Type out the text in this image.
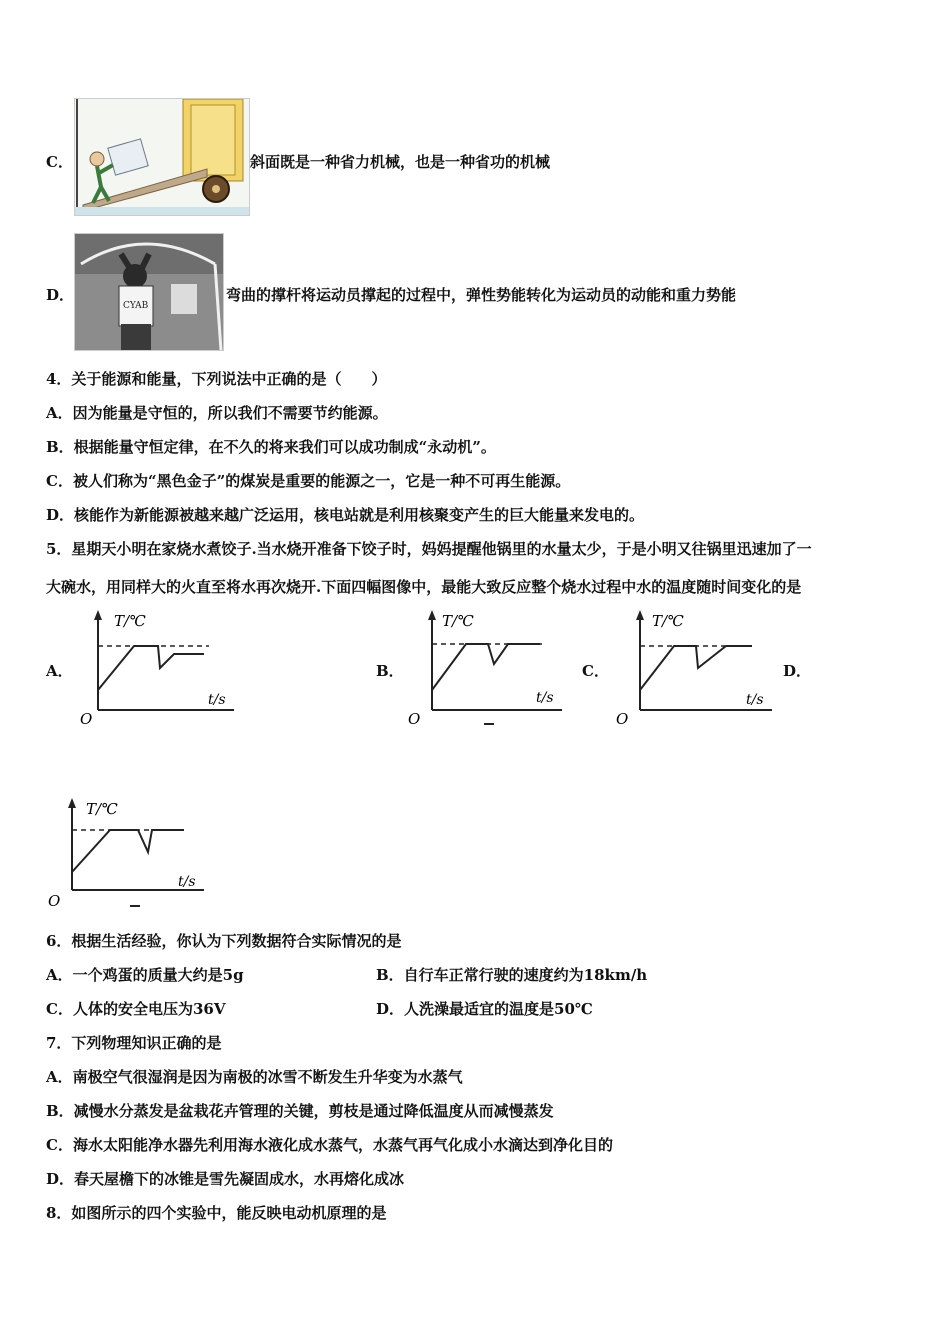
C．	斜面既是一种省力机械，也是一种省功的机械
D．
CYAB
弯曲的撑杆将运动员撑起的过程中，弹性势能转化为运动员的动能和重力势能
4．关于能源和能量，下列说法中正确的是（　　）
A．因为能量是守恒的，所以我们不需要节约能源。
B．根据能量守恒定律，在不久的将来我们可以成功制成“永动机”。
C．被人们称为“黑色金子”的煤炭是重要的能源之一，它是一种不可再生能源。
D．核能作为新能源被越来越广泛运用，核电站就是利用核聚变产生的巨大能量来发电的。
5．星期天小明在家烧水煮饺子.当水烧开准备下饺子时，妈妈提醒他锅里的水量太少，于是小明又往锅里迅速加了一
大碗水，用同样大的火直至将水再次烧开.下面四幅图像中，最能大致反应整个烧水过程中水的温度随时间变化的是
A．	B．	C．	D．
T/℃
t/s
O
T/℃
t/s
O
T/℃
t/s
O
T/℃
t/s
O
6．根据生活经验，你认为下列数据符合实际情况的是
A．一个鸡蛋的质量大约是5g	B．自行车正常行驶的速度约为18km/h
C．人体的安全电压为36V	D．人洗澡最适宜的温度是50℃
7．下列物理知识正确的是
A．南极空气很湿润是因为南极的冰雪不断发生升华变为水蒸气
B．减慢水分蒸发是盆栽花卉管理的关键，剪枝是通过降低温度从而减慢蒸发
C．海水太阳能净水器先利用海水液化成水蒸气，水蒸气再气化成小水滴达到净化目的
D．春天屋檐下的冰锥是雪先凝固成水，水再熔化成冰
8．如图所示的四个实验中，能反映电动机原理的是
